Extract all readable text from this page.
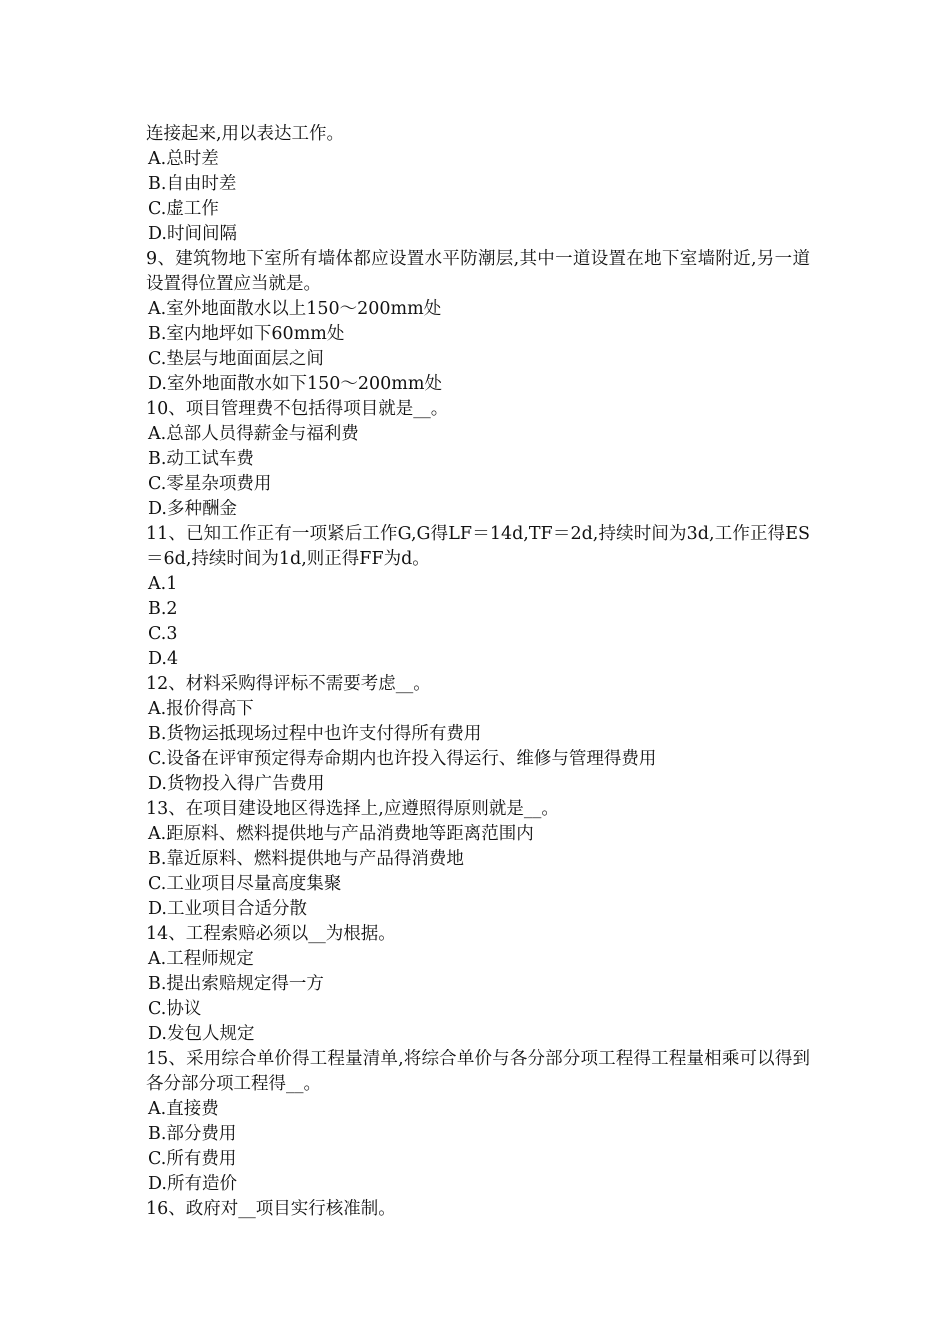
连接起来,用以表达工作。
A.总时差
B.自由时差
C.虚工作
D.时间间隔
9、建筑物地下室所有墙体都应设置水平防潮层,其中一道设置在地下室墙附近,另一道设置得位置应当就是。
A.室外地面散水以上150～200mm处
B.室内地坪如下60mm处
C.垫层与地面面层之间
D.室外地面散水如下150～200mm处
10、项目管理费不包括得项目就是__。
A.总部人员得薪金与福利费
B.动工试车费
C.零星杂项费用
D.多种酬金
11、已知工作正有一项紧后工作G,G得LF＝14d,TF＝2d,持续时间为3d,工作正得ES＝6d,持续时间为1d,则正得FF为d。
A.1
B.2
C.3
D.4
12、材料采购得评标不需要考虑__。
A.报价得高下
B.货物运抵现场过程中也许支付得所有费用
C.设备在评审预定得寿命期内也许投入得运行、维修与管理得费用
D.货物投入得广告费用
13、在项目建设地区得选择上,应遵照得原则就是__。
A.距原料、燃料提供地与产品消费地等距离范围内
B.靠近原料、燃料提供地与产品得消费地
C.工业项目尽量高度集聚
D.工业项目合适分散
14、工程索赔必须以__为根据。
A.工程师规定
B.提出索赔规定得一方
C.协议
D.发包人规定
15、采用综合单价得工程量清单,将综合单价与各分部分项工程得工程量相乘可以得到各分部分项工程得__。
A.直接费
B.部分费用
C.所有费用
D.所有造价
16、政府对__项目实行核准制。
